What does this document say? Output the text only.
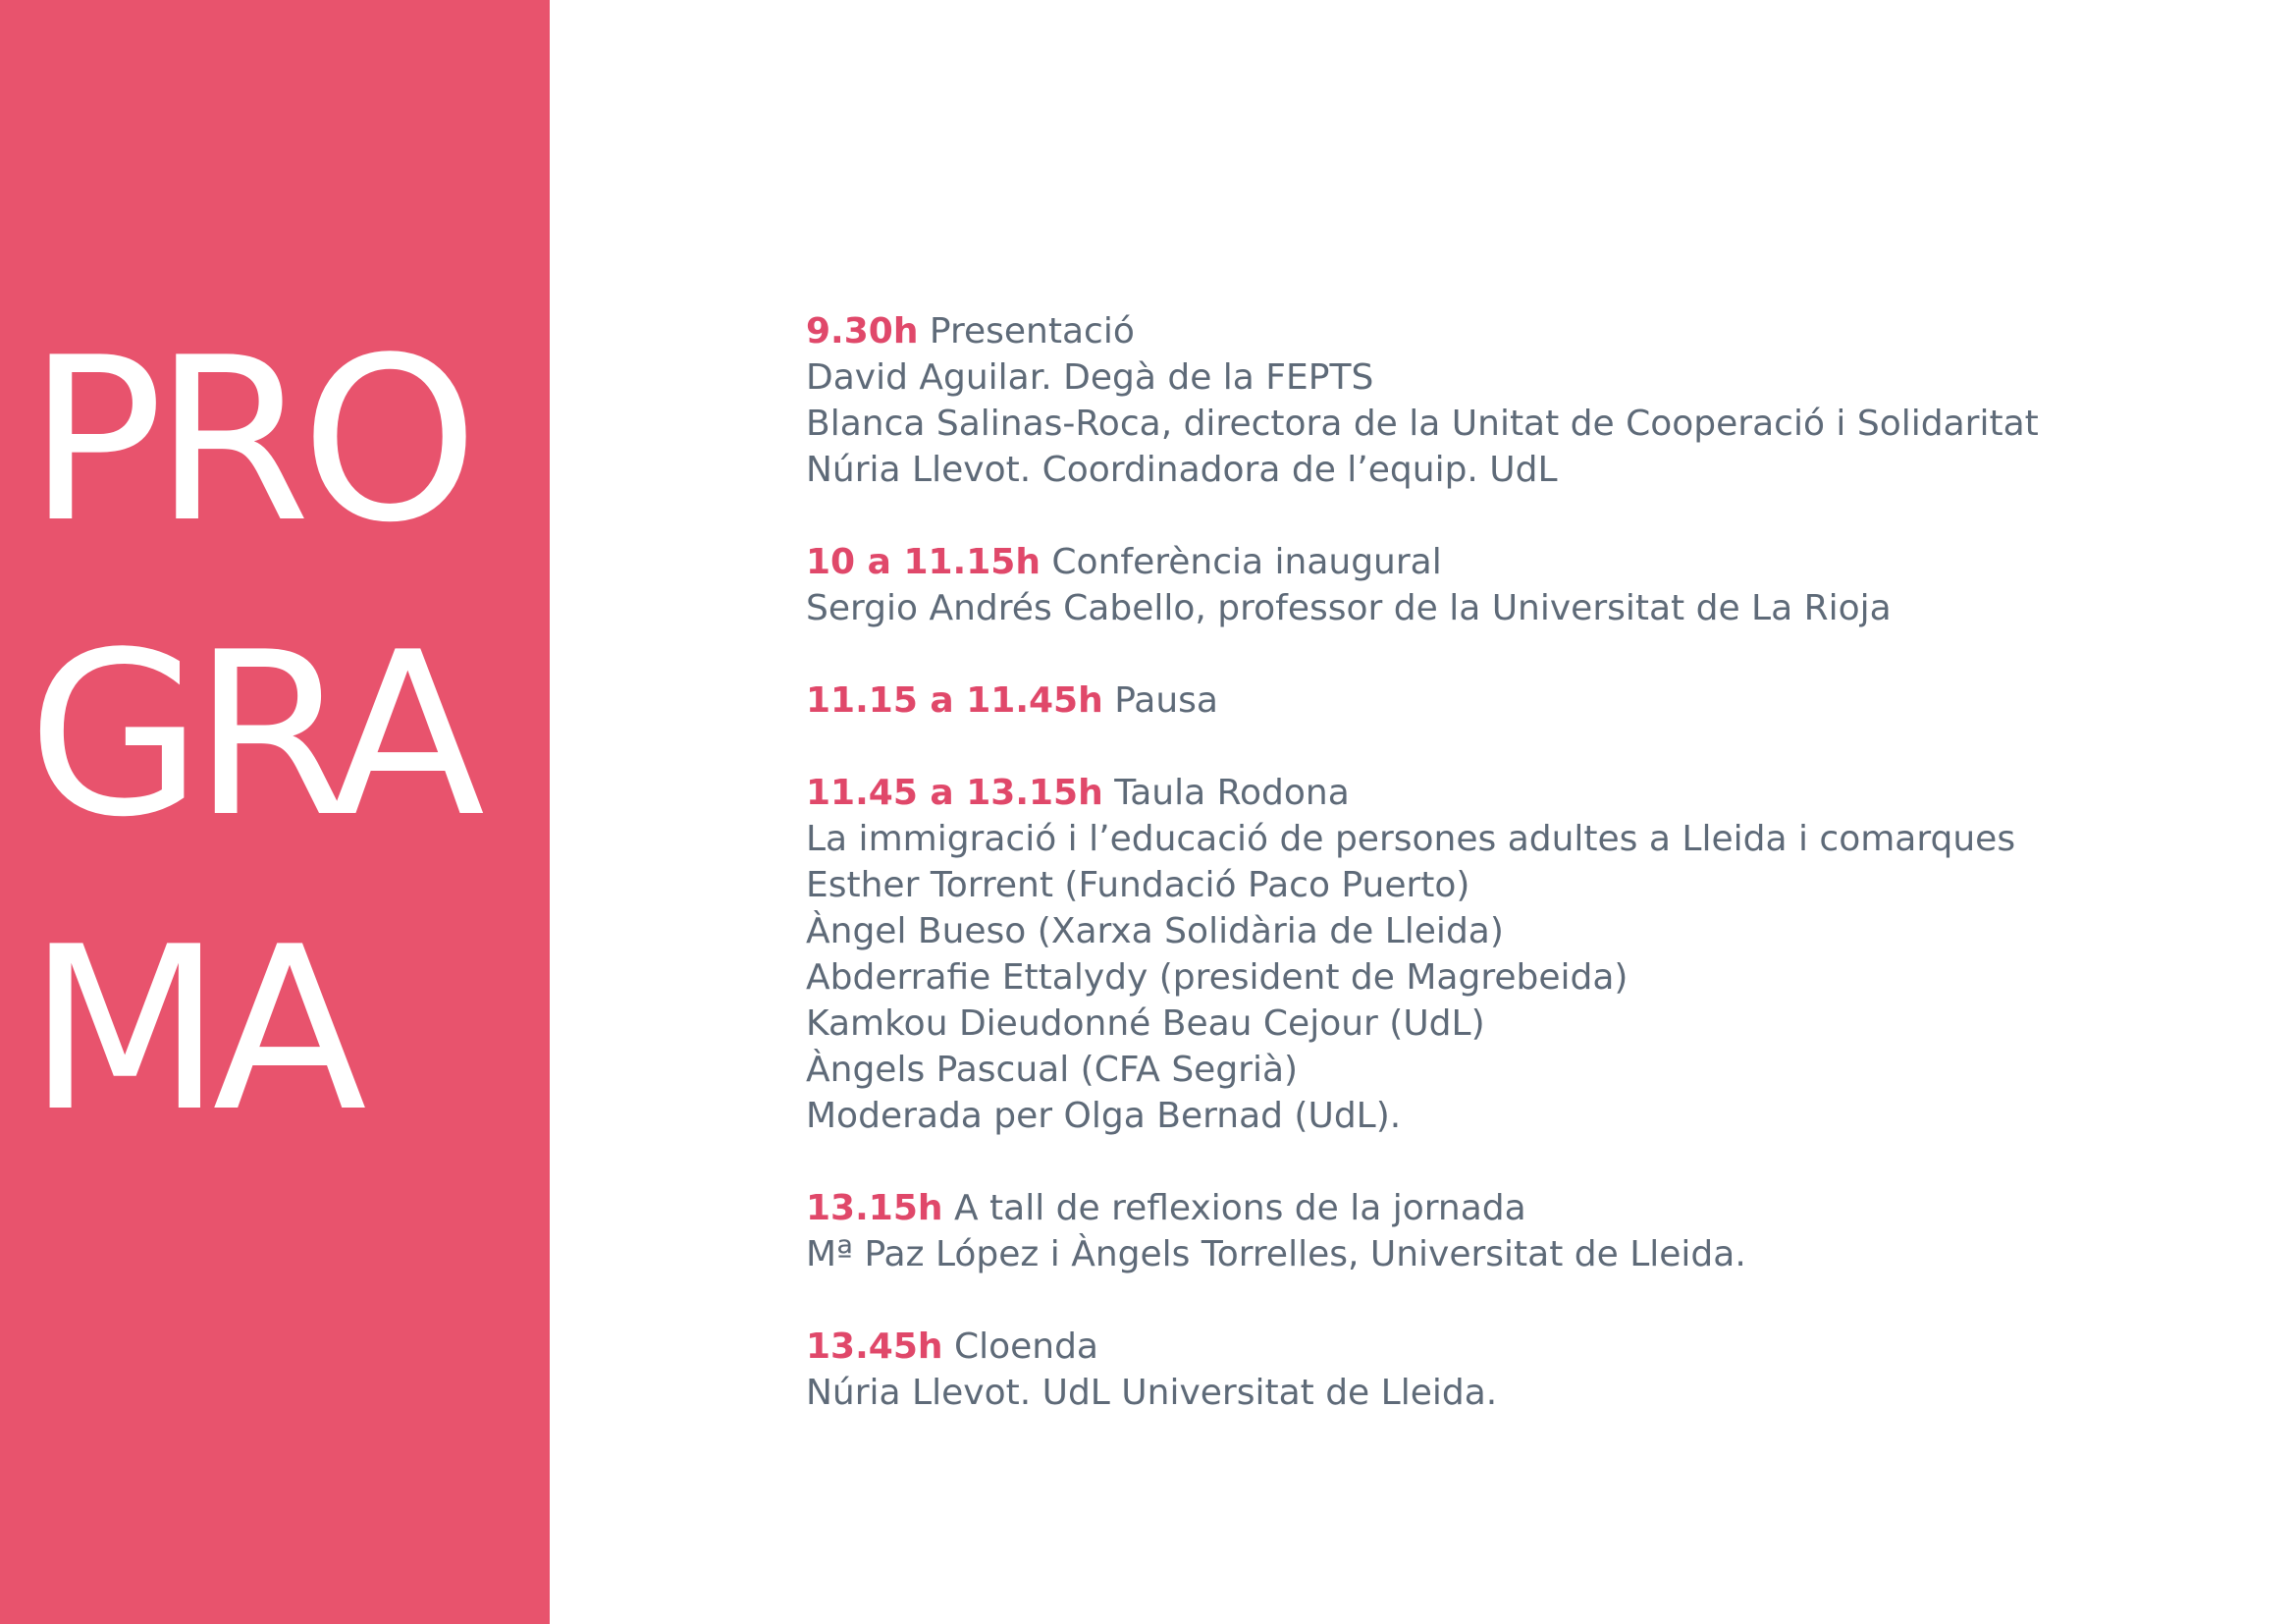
PRO
GRA
MA
9.30h Presentació
David Aguilar. Degà de la FEPTS
Blanca Salinas-Roca, directora de la Unitat de Cooperació i Solidaritat
Núria Llevot. Coordinadora de l’equip. UdL
10 a 11.15h Conferència inaugural
Sergio Andrés Cabello, professor de la Universitat de La Rioja
11.15 a 11.45h Pausa
11.45 a 13.15h Taula Rodona
La immigració i l’educació de persones adultes a Lleida i comarques
Esther Torrent (Fundació Paco Puerto)
Àngel Bueso (Xarxa Solidària de Lleida)
Abderrafie Ettalydy (president de Magrebeida)
Kamkou Dieudonné Beau Cejour (UdL)
Àngels Pascual (CFA Segrià)
Moderada per Olga Bernad (UdL).
13.15h A tall de reflexions de la jornada
Mª Paz López i Àngels Torrelles, Universitat de Lleida.
13.45h Cloenda
Núria Llevot. UdL Universitat de Lleida.
